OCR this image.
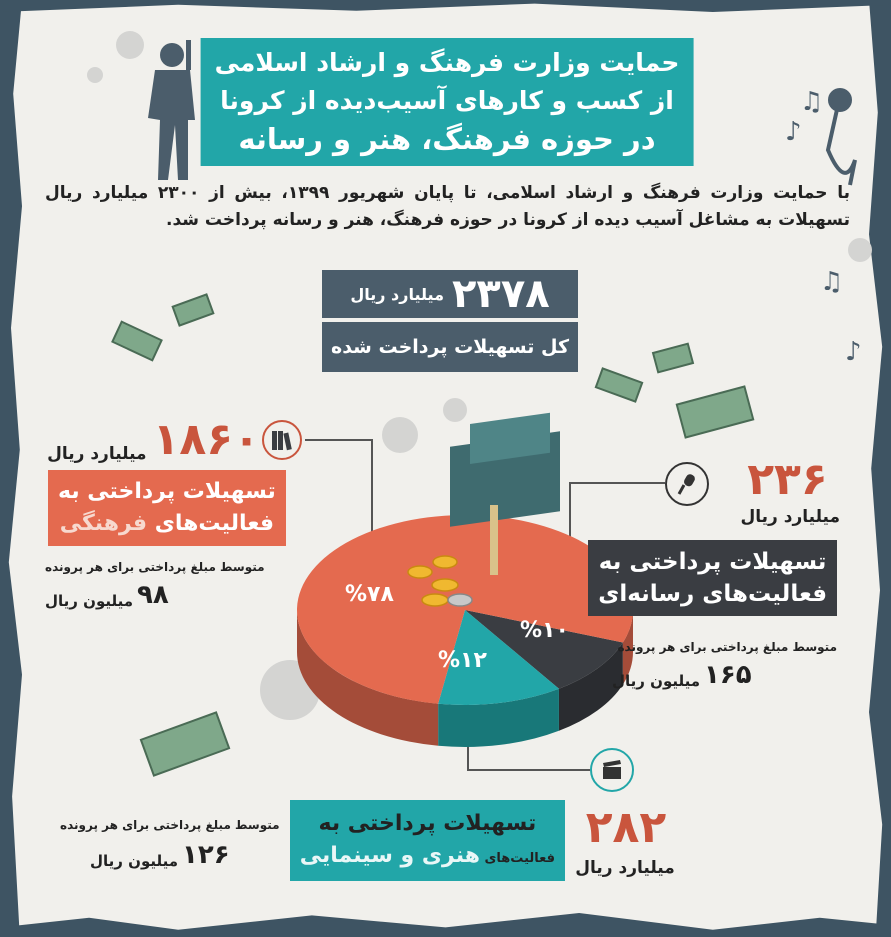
♫
♫
♪
♪
حمایت وزارت فرهنگ و ارشاد اسلامی
از کسب و کارهای آسیب‌دیده از کرونا
در حوزه فرهنگ، هنر و رسانه
با حمایت وزارت فرهنگ و ارشاد اسلامی، تا پایان شهریور ۱۳۹۹، بیش از ۲۳۰۰ میلیارد ریال تسهیلات به مشاغل آسیب دیده از کرونا در حوزه فرهنگ، هنر و رسانه پرداخت شد.
۲۳۷۸
میلیارد ریال
کل تسهیلات پرداخت شده
۱۸۶۰
میلیارد ریال
تسهیلات پرداختی به
فعالیت‌های فرهنگی
متوسط مبلغ پرداختی برای هر پرونده
۹۸
میلیون ریال
۲۳۶
میلیارد ریال
تسهیلات پرداختی به
فعالیت‌های رسانه‌ای
متوسط مبلغ پرداختی برای هر پرونده
۱۶۵
میلیون ریال
تسهیلات پرداختی به
فعالیت‌های هنری و سینمایی
۲۸۲
میلیارد ریال
متوسط مبلغ پرداختی برای هر پرونده
۱۲۶
میلیون ریال
%۷۸
%۱۲
%۱۰
